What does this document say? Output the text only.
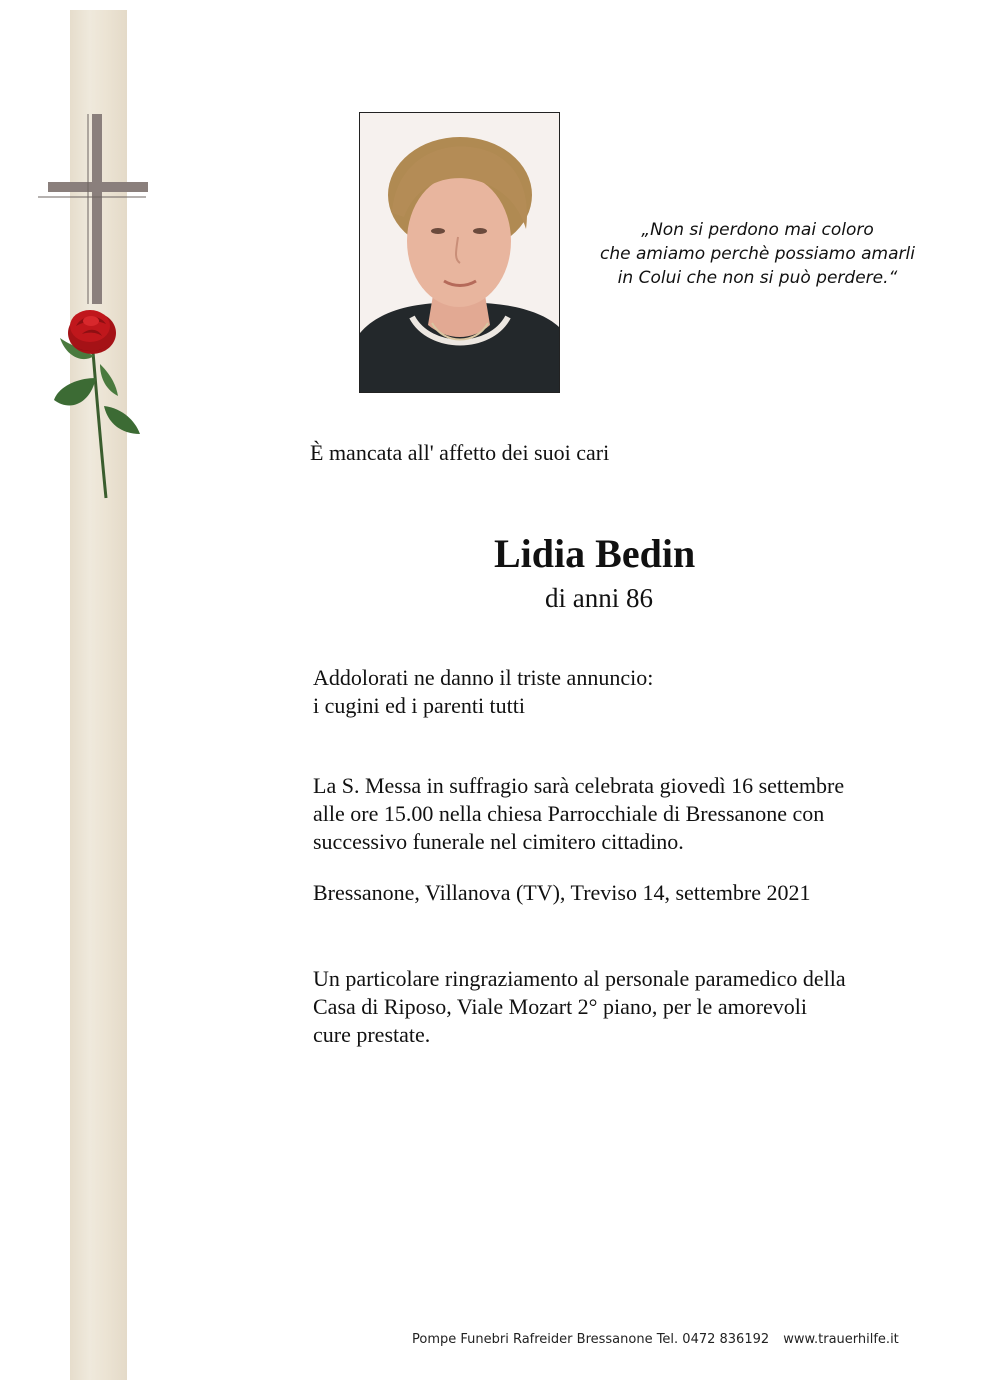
„Non si perdono mai coloro
che amiamo perchè possiamo amarli
in Colui che non si può perdere.“
È mancata all' affetto dei suoi cari
Lidia Bedin
di anni 86
Addolorati ne danno il triste annuncio:
i cugini ed i parenti tutti
La S. Messa in suffragio sarà celebrata giovedì 16 settembre
alle ore 15.00 nella chiesa Parrocchiale di Bressanone con
successivo funerale nel cimitero cittadino.
Bressanone, Villanova (TV), Treviso 14, settembre 2021
Un particolare ringraziamento al personale paramedico della
Casa di Riposo, Viale Mozart 2° piano, per le amorevoli
cure prestate.
Pompe Funebri Rafreider Bressanone Tel. 0472 836192 www.trauerhilfe.it
